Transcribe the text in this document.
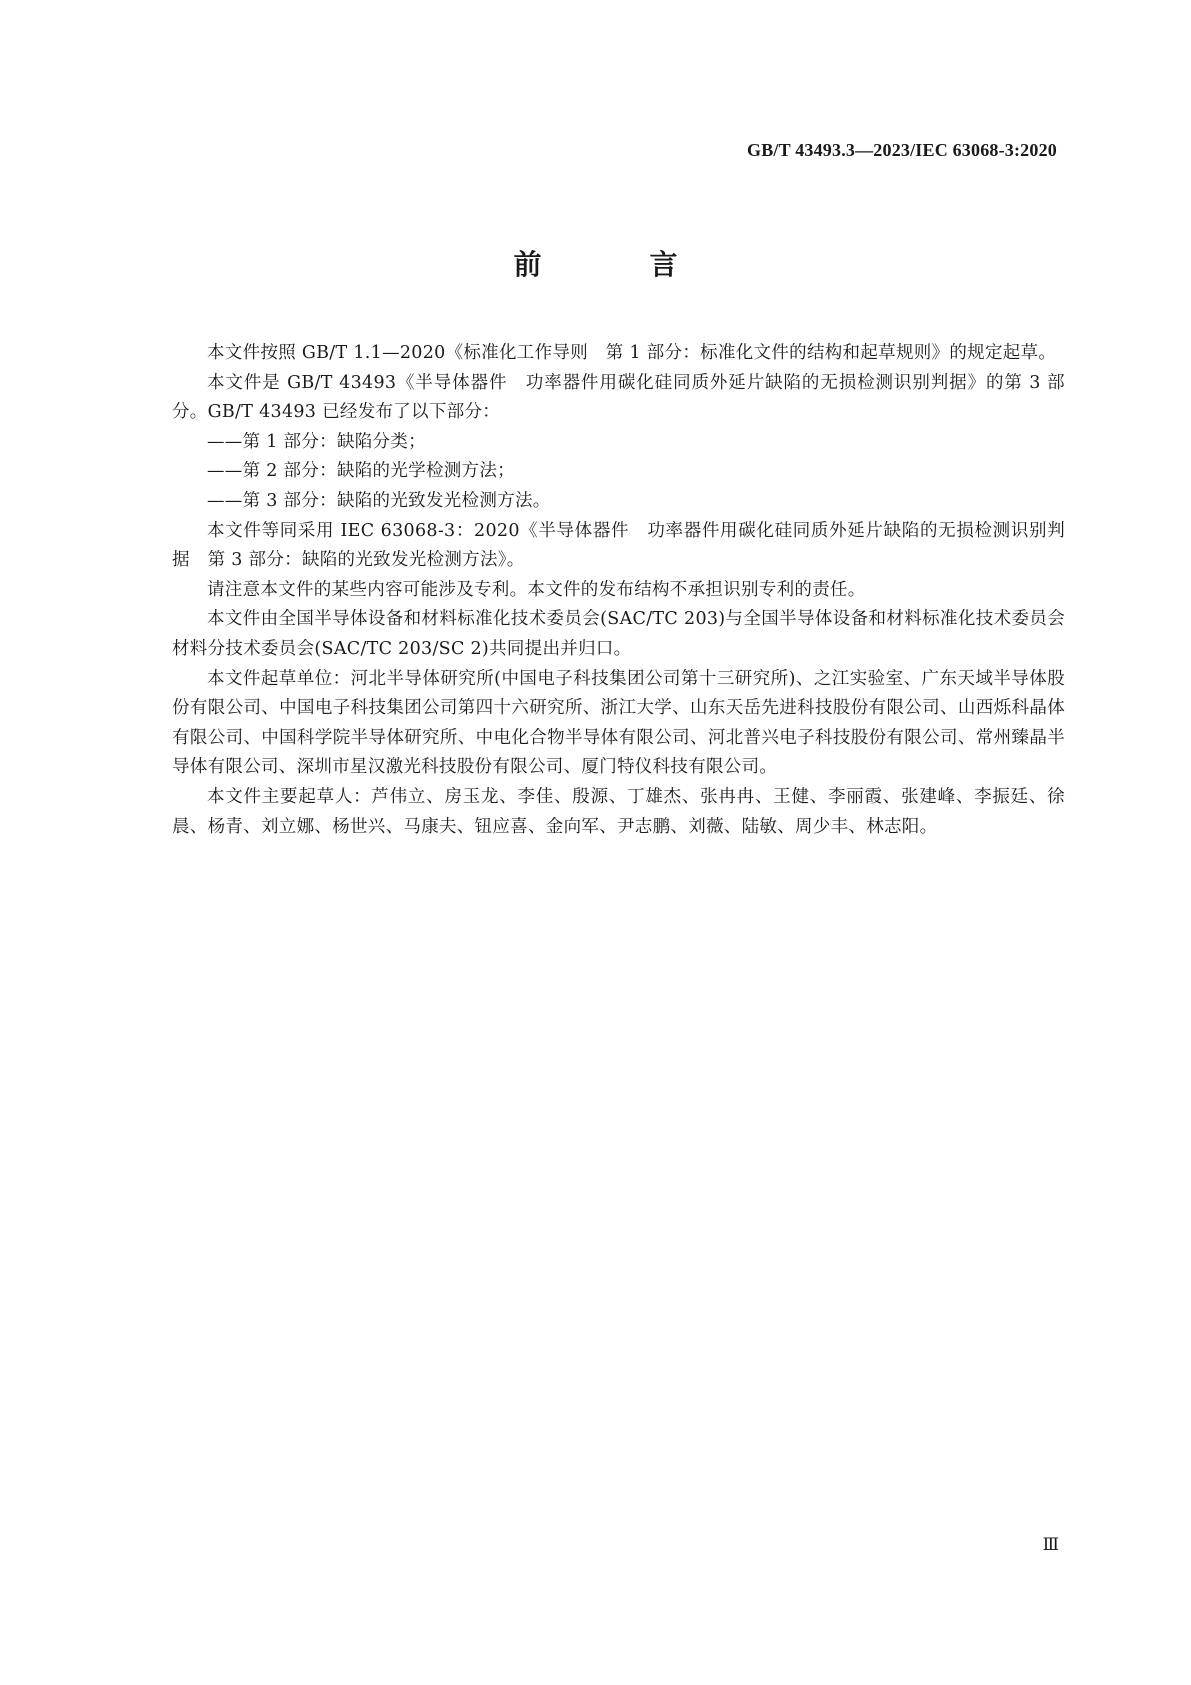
GB/T 43493.3—2023/IEC 63068-3:2020
前　言

本文件按照 GB/T 1.1—2020《标准化工作导则　第 1 部分：标准化文件的结构和起草规则》的规定起草。

本文件是 GB/T 43493《半导体器件　功率器件用碳化硅同质外延片缺陷的无损检测识别判据》的第 3 部分。GB/T 43493 已经发布了以下部分：

——第 1 部分：缺陷分类；

——第 2 部分：缺陷的光学检测方法；

——第 3 部分：缺陷的光致发光检测方法。

本文件等同采用 IEC 63068-3：2020《半导体器件　功率器件用碳化硅同质外延片缺陷的无损检测识别判据　第 3 部分：缺陷的光致发光检测方法》。

请注意本文件的某些内容可能涉及专利。本文件的发布结构不承担识别专利的责任。

本文件由全国半导体设备和材料标准化技术委员会(SAC/TC 203)与全国半导体设备和材料标准化技术委员会材料分技术委员会(SAC/TC 203/SC 2)共同提出并归口。

本文件起草单位：河北半导体研究所(中国电子科技集团公司第十三研究所)、之江实验室、广东天域半导体股份有限公司、中国电子科技集团公司第四十六研究所、浙江大学、山东天岳先进科技股份有限公司、山西烁科晶体有限公司、中国科学院半导体研究所、中电化合物半导体有限公司、河北普兴电子科技股份有限公司、常州臻晶半导体有限公司、深圳市星汉激光科技股份有限公司、厦门特仪科技有限公司。

本文件主要起草人：芦伟立、房玉龙、李佳、殷源、丁雄杰、张冉冉、王健、李丽霞、张建峰、李振廷、徐晨、杨青、刘立娜、杨世兴、马康夫、钮应喜、金向军、尹志鹏、刘薇、陆敏、周少丰、林志阳。

Ⅲ
